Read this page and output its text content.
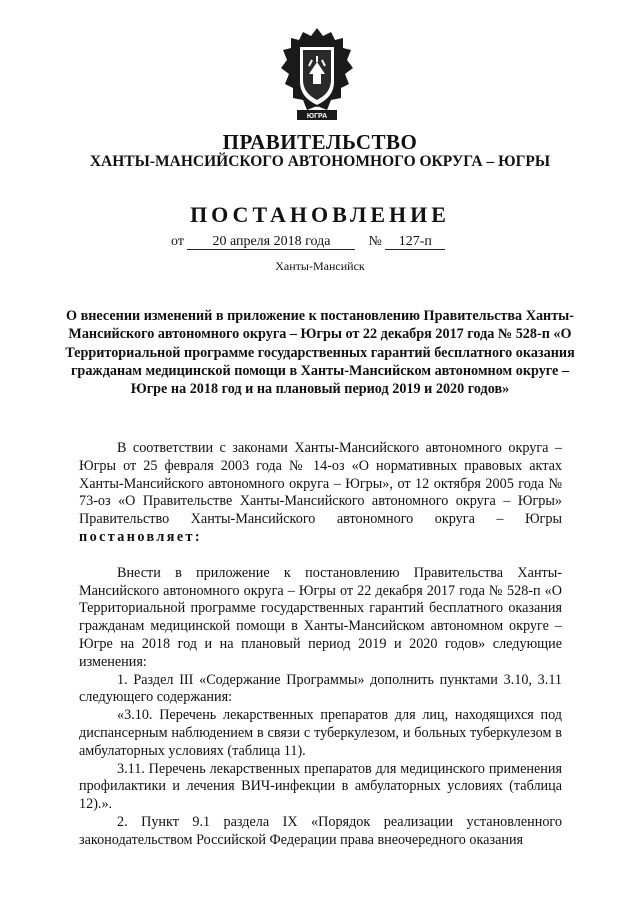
ЮГРА
ПРАВИТЕЛЬСТВО
ХАНТЫ-МАНСИЙСКОГО АВТОНОМНОГО ОКРУГА – ЮГРЫ
ПОСТАНОВЛЕНИЕ
от 20 апреля 2018 года	№ 127-п
Ханты-Мансийск

О внесении изменений в приложение к постановлению Правительства Ханты-Мансийского автономного округа – Югры от 22 декабря 2017 года № 528-п «О Территориальной программе государственных гарантий бесплатного оказания гражданам медицинской помощи в Ханты-Мансийском автономном округе – Югре на 2018 год и на плановый период 2019 и 2020 годов»

В соответствии с законами Ханты-Мансийского автономного округа – Югры от 25 февраля 2003 года № 14-оз «О нормативных правовых актах Ханты-Мансийского автономного округа – Югры», от 12 октября 2005 года № 73-оз «О Правительстве Ханты-Мансийского автономного округа – Югры» Правительство Ханты-Мансийского автономного округа – Югры постановляет:

Внести в приложение к постановлению Правительства Ханты-Мансийского автономного округа – Югры от 22 декабря 2017 года № 528-п «О Территориальной программе государственных гарантий бесплатного оказания гражданам медицинской помощи в Ханты-Мансийском автономном округе – Югре на 2018 год и на плановый период 2019 и 2020 годов» следующие изменения:

1. Раздел III «Содержание Программы» дополнить пунктами 3.10, 3.11 следующего содержания:

«3.10. Перечень лекарственных препаратов для лиц, находящихся под диспансерным наблюдением в связи с туберкулезом, и больных туберкулезом в амбулаторных условиях (таблица 11).

3.11. Перечень лекарственных препаратов для медицинского применения профилактики и лечения ВИЧ-инфекции в амбулаторных условиях (таблица 12).».

2. Пункт 9.1 раздела IX «Порядок реализации установленного законодательством Российской Федерации права внеочередного оказания
